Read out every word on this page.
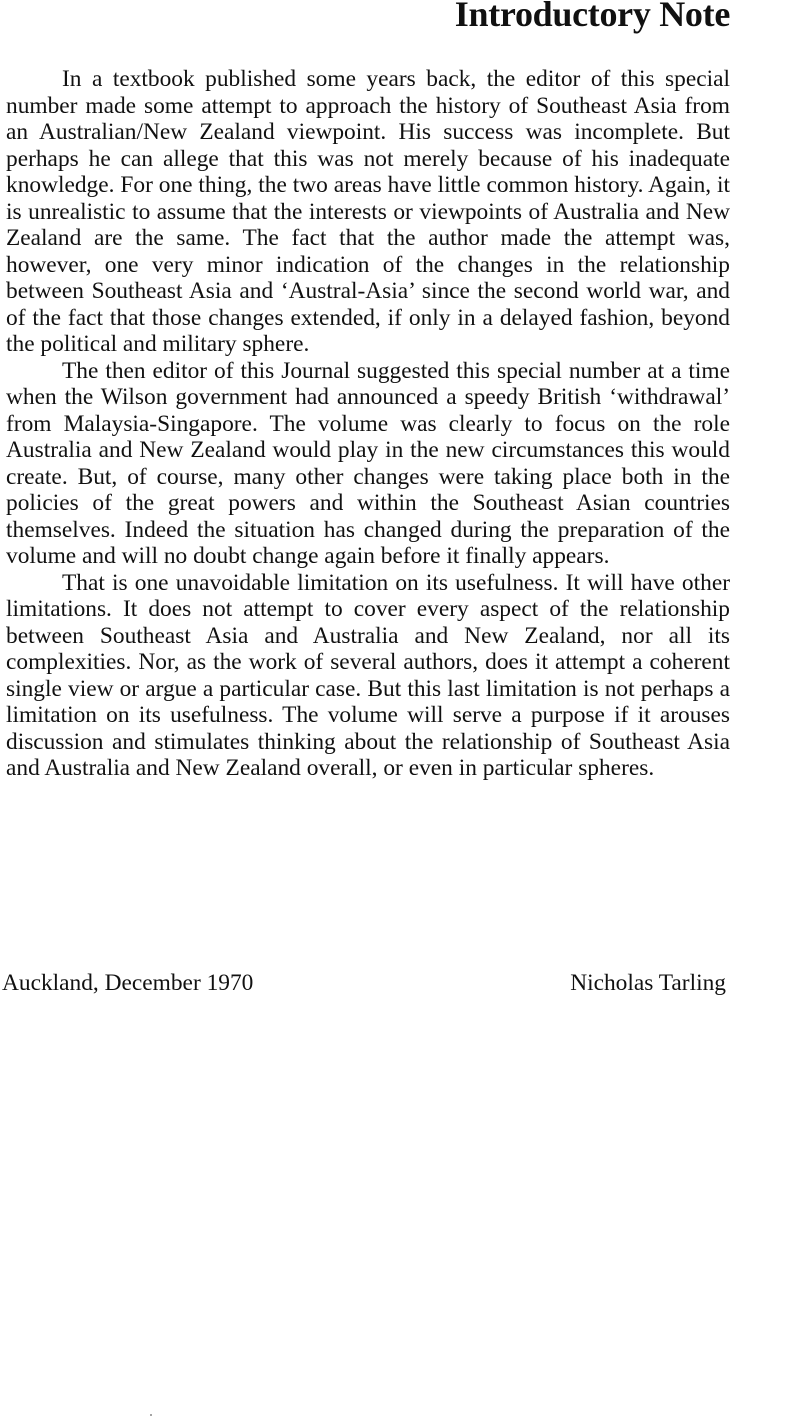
Introductory Note

In a textbook published some years back, the editor of this special number made some attempt to approach the history of Southeast Asia from an Australian/New Zealand viewpoint. His success was incomplete. But perhaps he can allege that this was not merely because of his inadequate knowledge. For one thing, the two areas have little common history. Again, it is unrealistic to assume that the interests or viewpoints of Australia and New Zealand are the same. The fact that the author made the attempt was, however, one very minor indication of the changes in the relationship between Southeast Asia and ‘Austral-Asia’ since the second world war, and of the fact that those changes extended, if only in a delayed fashion, beyond the political and military sphere.

The then editor of this Journal suggested this special number at a time when the Wilson government had announced a speedy British ‘withdrawal’ from Malaysia-Singapore. The volume was clearly to focus on the role Australia and New Zealand would play in the new circumstances this would create. But, of course, many other changes were taking place both in the policies of the great powers and within the Southeast Asian countries themselves. Indeed the situation has changed during the preparation of the volume and will no doubt change again before it finally appears.

That is one unavoidable limitation on its usefulness. It will have other limitations. It does not attempt to cover every aspect of the relationship between Southeast Asia and Australia and New Zealand, nor all its complexities. Nor, as the work of several authors, does it attempt a coherent single view or argue a particular case. But this last limitation is not perhaps a limitation on its usefulness. The volume will serve a purpose if it arouses discussion and stimulates thinking about the relationship of Southeast Asia and Australia and New Zealand overall, or even in particular spheres.

Auckland, December 1970	Nicholas Tarling
